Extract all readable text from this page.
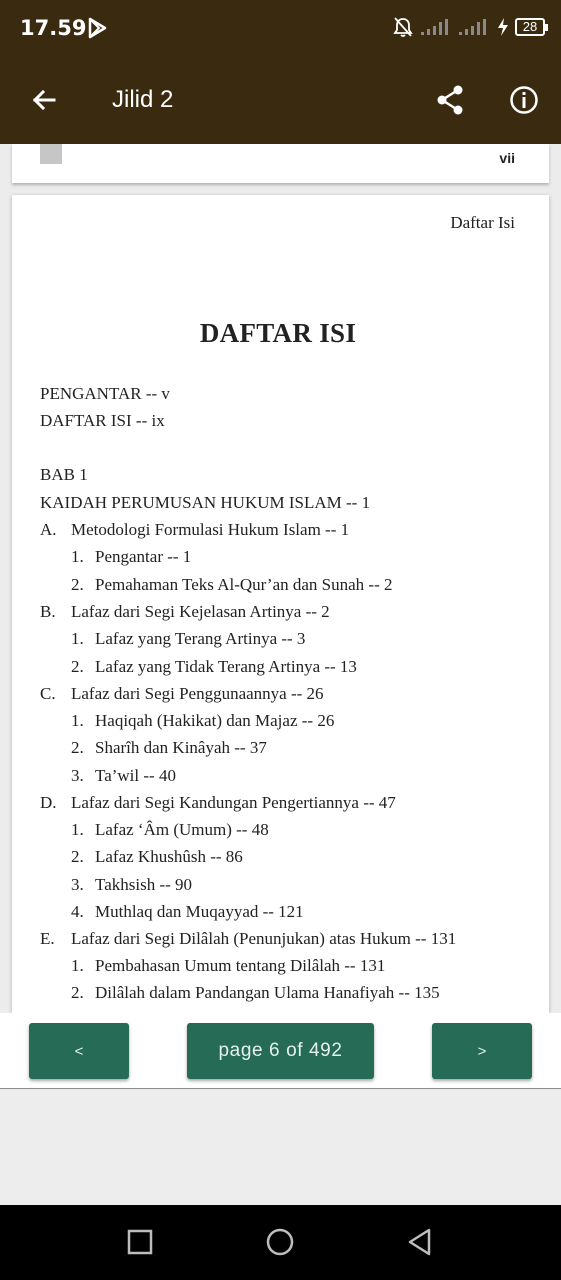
17.59	28
Jilid 2
vii
Daftar Isi
DAFTAR ISI
PENGANTAR -- v
DAFTAR ISI -- ix
BAB 1
KAIDAH PERUMUSAN HUKUM ISLAM -- 1
A. Metodologi Formulasi Hukum Islam -- 1
1. Pengantar -- 1
2. Pemahaman Teks Al-Qur’an dan Sunah -- 2
B. Lafaz dari Segi Kejelasan Artinya -- 2
1. Lafaz yang Terang Artinya -- 3
2. Lafaz yang Tidak Terang Artinya -- 13
C. Lafaz dari Segi Penggunaannya -- 26
1. Haqiqah (Hakikat) dan Majaz -- 26
2. Sharîh dan Kinâyah -- 37
3. Ta’wil -- 40
D. Lafaz dari Segi Kandungan Pengertiannya -- 47
1. Lafaz ‘Âm (Umum) -- 48
2. Lafaz Khushûsh -- 86
3. Takhsish -- 90
4. Muthlaq dan Muqayyad -- 121
E. Lafaz dari Segi Dilâlah (Penunjukan) atas Hukum -- 131
1. Pembahasan Umum tentang Dilâlah -- 131
2. Dilâlah dalam Pandangan Ulama Hanafiyah -- 135
<	page 6 of 492	>
